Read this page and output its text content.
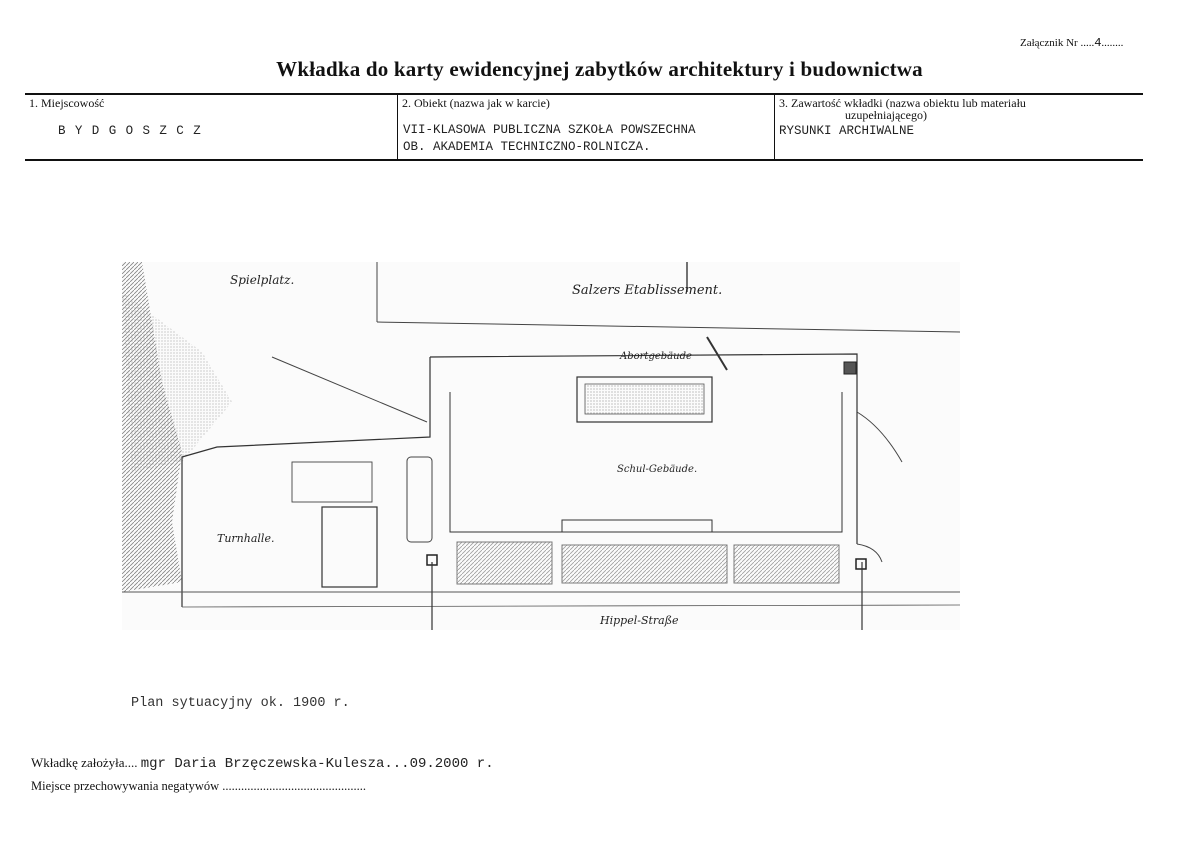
Załącznik Nr .....4........
Wkładka do karty ewidencyjnej zabytków architektury i budownictwa
1. Miejscowość
BYDGOSZCZ
2. Obiekt (nazwa jak w karcie)
VII-KLASOWA PUBLICZNA SZKOŁA POWSZECHNA
OB. AKADEMIA TECHNICZNO-ROLNICZA.
3. Zawartość wkładki (nazwa obiektu lub materiału
uzupełniającego)
RYSUNKI ARCHIWALNE
Spielplatz.
Salzers Etablissement.
Abortgebäude
Schul-Gebäude.
Turnhalle.
Hippel-Straße
Plan sytuacyjny ok. 1900 r.
Wkładkę założyła.... mgr Daria Brzęczewska-Kulesza...09.2000 r.
Miejsce przechowywania negatywów ..............................................
